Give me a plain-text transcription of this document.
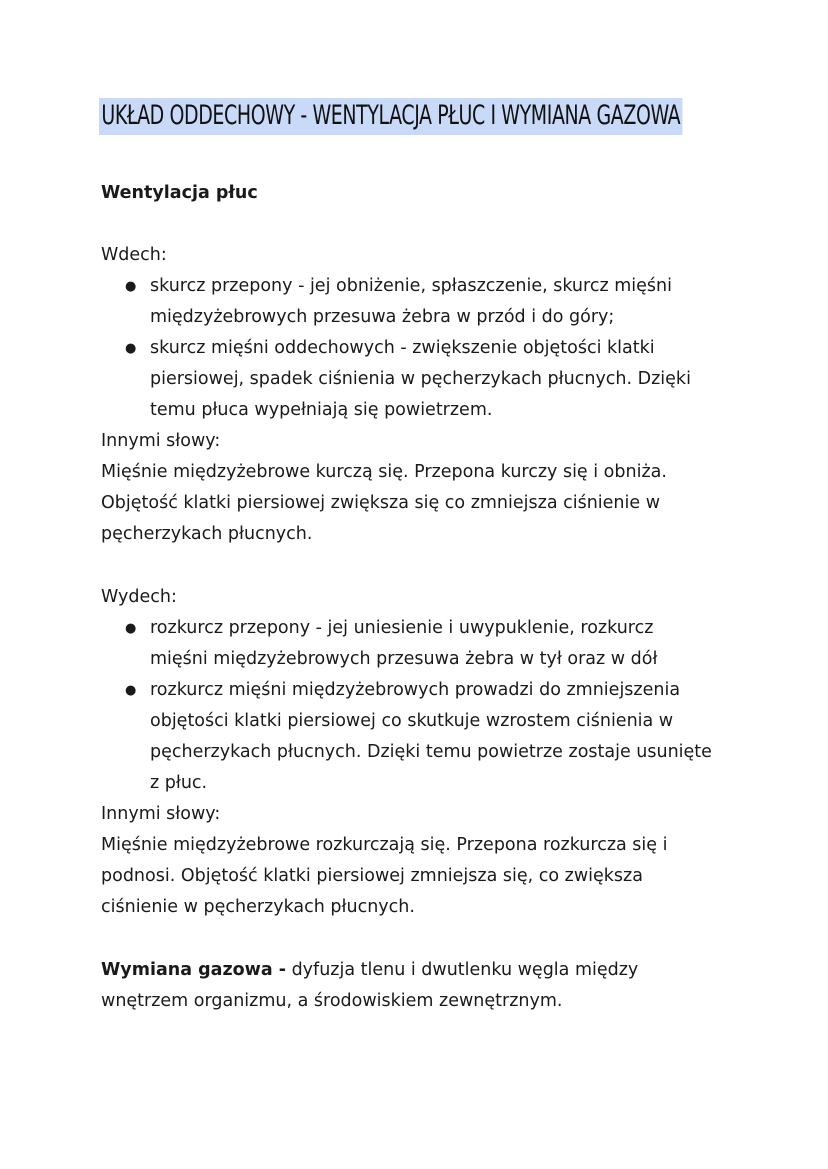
UKŁAD ODDECHOWY - WENTYLACJA PŁUC I WYMIANA GAZOWA
Wentylacja płuc
Wdech:
● skurcz przepony - jej obniżenie, spłaszczenie, skurcz mięśni
międzyżebrowych przesuwa żebra w przód i do góry;
● skurcz mięśni oddechowych - zwiększenie objętości klatki
piersiowej, spadek ciśnienia w pęcherzykach płucnych. Dzięki
temu płuca wypełniają się powietrzem.
Innymi słowy:
Mięśnie międzyżebrowe kurczą się. Przepona kurczy się i obniża.
Objętość klatki piersiowej zwiększa się co zmniejsza ciśnienie w
pęcherzykach płucnych.
Wydech:
● rozkurcz przepony - jej uniesienie i uwypuklenie, rozkurcz
mięśni międzyżebrowych przesuwa żebra w tył oraz w dół
● rozkurcz mięśni międzyżebrowych prowadzi do zmniejszenia
objętości klatki piersiowej co skutkuje wzrostem ciśnienia w
pęcherzykach płucnych. Dzięki temu powietrze zostaje usunięte
z płuc.
Innymi słowy:
Mięśnie międzyżebrowe rozkurczają się. Przepona rozkurcza się i
podnosi. Objętość klatki piersiowej zmniejsza się, co zwiększa
ciśnienie w pęcherzykach płucnych.
Wymiana gazowa - dyfuzja tlenu i dwutlenku węgla między
wnętrzem organizmu, a środowiskiem zewnętrznym.
